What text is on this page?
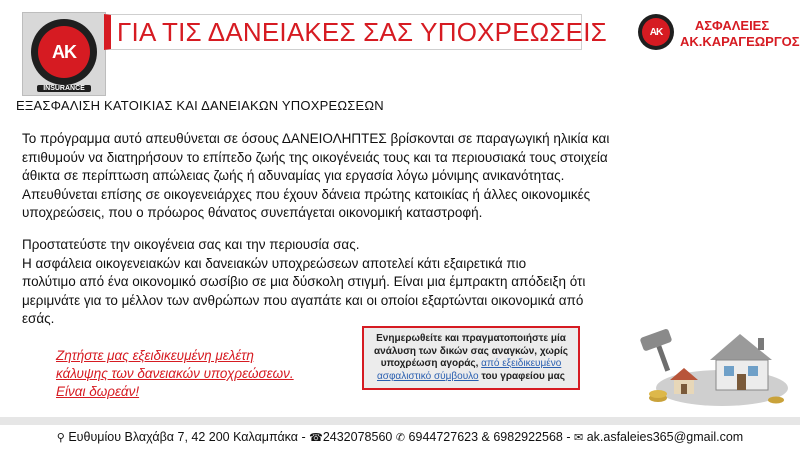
AK
INSURANCE
ΓΙΑ ΤΙΣ ΔΑΝΕΙΑΚΕΣ ΣΑΣ ΥΠΟΧΡΕΩΣΕΙΣ	AK	ΑΣΦΑΛΕΙΕΣ
ΑΚ.ΚΑΡΑΓΕΩΡΓΟΣ
ΕΞΑΣΦΑΛΙΣΗ ΚΑΤΟΙΚΙΑΣ ΚΑΙ ΔΑΝΕΙΑΚΩΝ ΥΠΟΧΡΕΩΣΕΩΝ

Το πρόγραμμα αυτό απευθύνεται σε όσους ΔΑΝΕΙΟΛΗΠΤΕΣ βρίσκονται σε παραγωγική ηλικία και

επιθυμούν να διατηρήσουν το επίπεδο ζωής της οικογένειάς τους και τα περιουσιακά τους στοιχεία

άθικτα σε περίπτωση απώλειας ζωής ή αδυναμίας για εργασία λόγω μόνιμης ανικανότητας.

Απευθύνεται επίσης σε οικογενειάρχες που έχουν δάνεια πρώτης κατοικίας ή άλλες οικονομικές

υποχρεώσεις, που ο πρόωρος θάνατος συνεπάγεται οικονομική καταστροφή.

Προστατεύστε την οικογένεια σας και την περιουσία σας.

Η ασφάλεια οικογενειακών και δανειακών υποχρεώσεων αποτελεί κάτι εξαιρετικά πιο

πολύτιμο από ένα οικονομικό σωσίβιο σε μια δύσκολη στιγμή. Είναι μια έμπρακτη απόδειξη ότι

μεριμνάτε για το μέλλον των ανθρώπων που αγαπάτε και οι οποίοι εξαρτώνται οικονομικά από

εσάς.

Ζητήστε μας εξειδικευμένη μελέτη
κάλυψης των δανειακών υποχρεώσεων.
Είναι δωρεάν!
Ενημερωθείτε και πραγματοποιήστε μία ανάλυση των δικών σας αναγκών, χωρίς υποχρέωση αγοράς, από εξειδικευμένο ασφαλιστικό σύμβουλο του γραφείου μας
⚲ Ευθυμίου Βλαχάβα 7, 42 200 Καλαμπάκα - ☎2432078560 ✆ 6944727623 & 6982922568 - ✉ ak.asfaleies365@gmail.com
